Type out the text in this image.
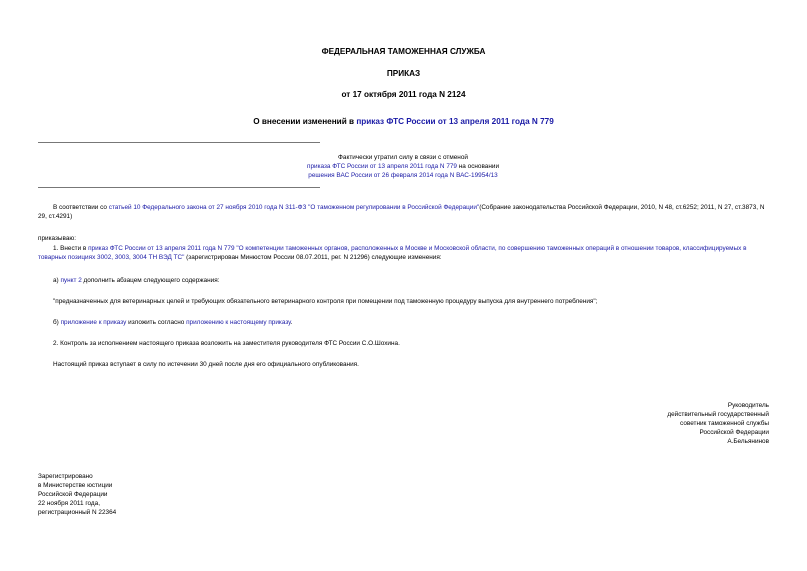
ФЕДЕРАЛЬНАЯ ТАМОЖЕННАЯ СЛУЖБА
ПРИКАЗ
от 17 октября 2011 года N 2124
О внесении изменений в приказ ФТС России от 13 апреля 2011 года N 779
Фактически утратил силу в связи с отменой
приказа ФТС России от 13 апреля 2011 года N 779 на основании
решения ВАС России от 26 февраля 2014 года N ВАС-19954/13
В соответствии со статьей 10 Федерального закона от 27 ноября 2010 года N 311-ФЗ "О таможенном регулировании в Российской Федерации"(Собрание законодательства Российской Федерации, 2010, N 48, ст.6252; 2011, N 27, ст.3873, N 29, ст.4291)
приказываю:
1. Внести в приказ ФТС России от 13 апреля 2011 года N 779 "О компетенции таможенных органов, расположенных в Москве и Московской области, по совершению таможенных операций в отношении товаров, классифицируемых в товарных позициях 3002, 3003, 3004 ТН ВЭД ТС" (зарегистрирован Минюстом России 08.07.2011, рег. N 21296) следующие изменения:
а) пункт 2 дополнить абзацем следующего содержания:
"предназначенных для ветеринарных целей и требующих обязательного ветеринарного контроля при помещении под таможенную процедуру выпуска для внутреннего потребления";
б) приложение к приказу изложить согласно приложению к настоящему приказу.
2. Контроль за исполнением настоящего приказа возложить на заместителя руководителя ФТС России С.О.Шохина.
Настоящий приказ вступает в силу по истечении 30 дней после дня его официального опубликования.
Руководитель
действительный государственный
советник таможенной службы
Российской Федерации
А.Бельянинов
Зарегистрировано
в Министерстве юстиции
Российской Федерации
22 ноября 2011 года,
регистрационный N 22364
